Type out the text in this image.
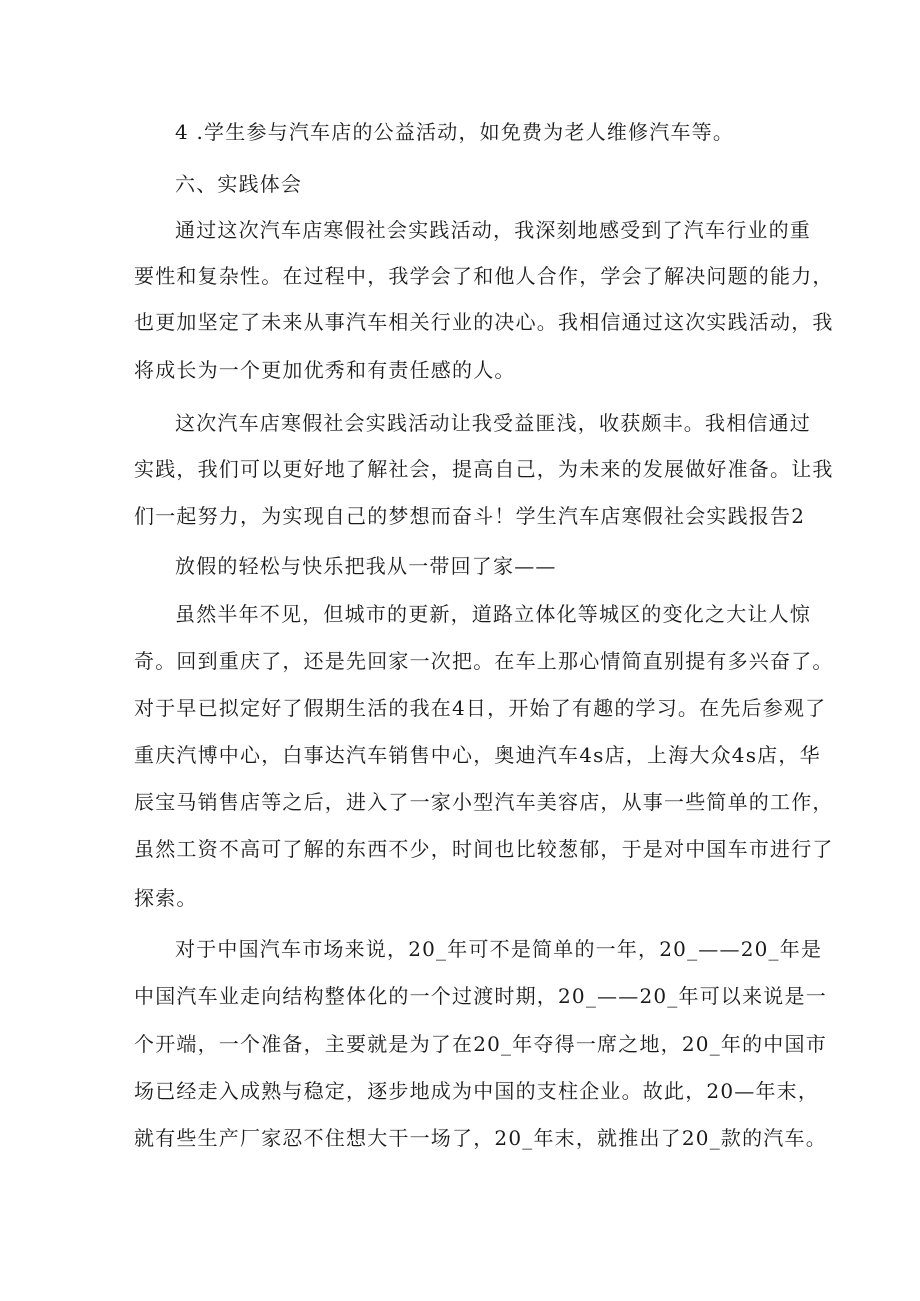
4 .学生参与汽车店的公益活动，如免费为老人维修汽车等。
六、实践体会
通过这次汽车店寒假社会实践活动，我深刻地感受到了汽车行业的重
要性和复杂性。在过程中，我学会了和他人合作，学会了解决问题的能力，
也更加坚定了未来从事汽车相关行业的决心。我相信通过这次实践活动，我
将成长为一个更加优秀和有责任感的人。
这次汽车店寒假社会实践活动让我受益匪浅，收获颇丰。我相信通过
实践，我们可以更好地了解社会，提高自己，为未来的发展做好准备。让我
们一起努力，为实现自己的梦想而奋斗！学生汽车店寒假社会实践报告2
放假的轻松与快乐把我从一带回了家——
虽然半年不见，但城市的更新，道路立体化等城区的变化之大让人惊
奇。回到重庆了，还是先回家一次把。在车上那心情简直别提有多兴奋了。
对于早已拟定好了假期生活的我在4日，开始了有趣的学习。在先后参观了
重庆汽博中心，白事达汽车销售中心，奥迪汽车4s店，上海大众4s店，华
辰宝马销售店等之后，进入了一家小型汽车美容店，从事一些简单的工作，
虽然工资不高可了解的东西不少，时间也比较葱郁，于是对中国车市进行了
探索。
对于中国汽车市场来说，20_年可不是简单的一年，20_——20_年是
中国汽车业走向结构整体化的一个过渡时期，20_——20_年可以来说是一
个开端，一个准备，主要就是为了在20_年夺得一席之地，20_年的中国市
场已经走入成熟与稳定，逐步地成为中国的支柱企业。故此，20—年末，
就有些生产厂家忍不住想大干一场了，20_年末，就推出了20_款的汽车。
